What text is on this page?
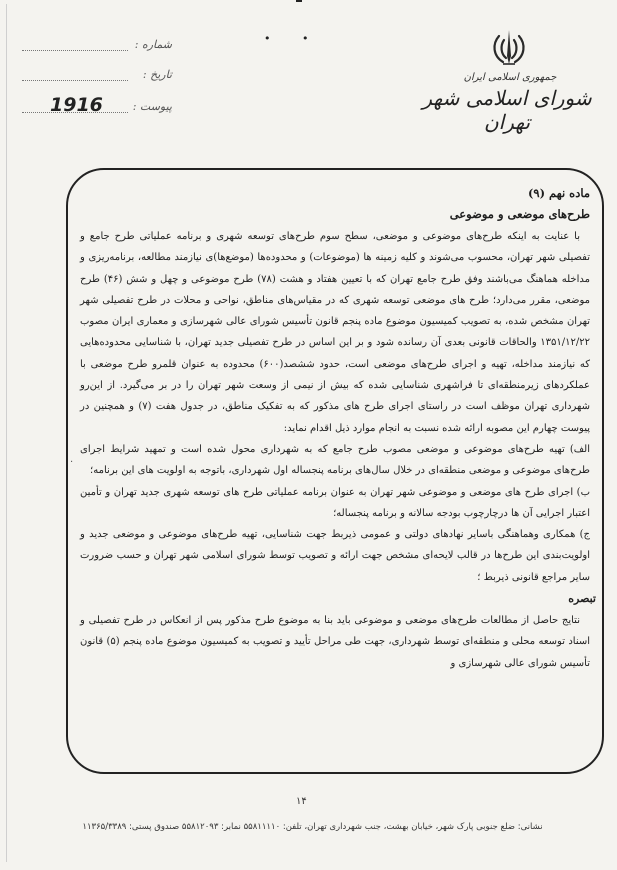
• •
شماره :
تاریخ :
پیوست :
1916
جمهوری اسلامی ایران
شورای اسلامی شهر تهران

ماده نهم (۹)

طرح‌های موضعی و موضوعی

با عنایت به اینکه طرح‌های موضوعی و موضعی، سطح سوم طرح‌های توسعه شهری و برنامه عملیاتی طرح جامع و تفصیلی شهر تهران، محسوب می‌شوند و کلیه زمینه ها (موضوعات) و محدوده‌ها (موضع‌ها)ی نیازمند مطالعه، برنامه‌ریزی و مداخله هماهنگ می‌باشند وفق طرح جامع تهران که با تعیین هفتاد و هشت (۷۸) طرح موضوعی و چهل و شش (۴۶) طرح موضعی، مقرر می‌دارد؛ طرح های موضعی توسعه شهری که در مقیاس‌های مناطق، نواحی و محلات در طرح تفصیلی شهر تهران مشخص شده، به تصویب کمیسیون موضوع ماده پنجم قانون تأسیس شورای عالی شهرسازی و معماری ایران مصوب ۱۳۵۱/۱۲/۲۲ والحاقات قانونی بعدی آن رسانده شود و بر این اساس در طرح تفصیلی جدید تهران، با شناسایی محدوده‌هایی که نیازمند مداخله، تهیه و اجرای طرح‌های موضعی است، حدود ششصد(۶۰۰) محدوده به عنوان قلمرو طرح موضعی با عملکردهای زیرمنطقه‌ای تا فراشهری شناسایی شده که بیش از نیمی از وسعت شهر تهران را در بر می‌گیرد. از این‌رو شهرداری تهران موظف است در راستای اجرای طرح های مذکور که به تفکیک مناطق، در جدول هفت (۷) و همچنین در پیوست چهارم این مصوبه ارائه شده نسبت به انجام موارد ذیل اقدام نماید:

الف) تهیه طرح‌های موضوعی و موضعی مصوب طرح جامع که به شهرداری محول شده است و تمهید شرایط اجرای طرح‌های موضوعی و موضعی منطقه‌ای در خلال سال‌های برنامه پنجساله اول شهرداری، باتوجه به اولویت های این برنامه؛

ب) اجرای طرح های موضعی و موضوعی شهر تهران به عنوان برنامه عملیاتی طرح های توسعه شهری جدید تهران و تأمین اعتبار اجرایی آن ها درچارچوب بودجه سالانه و برنامه پنجساله؛

ج) همکاری وهماهنگی باسایر نهادهای دولتی و عمومی ذیربط جهت شناسایی، تهیه طرح‌های موضوعی و موضعی جدید و اولویت‌بندی این طرح‌ها در قالب لایحه‌ای مشخص جهت ارائه و تصویب توسط شورای اسلامی شهر تهران و حسب ضرورت سایر مراجع قانونی ذیربط ؛

تبصره

نتایج حاصل از مطالعات طرح‌های موضعی و موضوعی باید بنا به موضوع طرح مذکور پس از انعکاس در طرح تفصیلی و اسناد توسعه محلی و منطقه‌ای توسط شهرداری، جهت طی مراحل تأیید و تصویب به کمیسیون موضوع ماده پنجم (۵) قانون تأسیس شورای عالی شهرسازی و

.
۱۴
نشانی: ضلع جنوبی پارک شهر، خیابان بهشت، جنب شهرداری تهران، تلفن: ۵۵۸۱۱۱۱۰ نمابر: ۵۵۸۱۲۰۹۳ صندوق پستی: ۱۱۳۶۵/۳۳۸۹
